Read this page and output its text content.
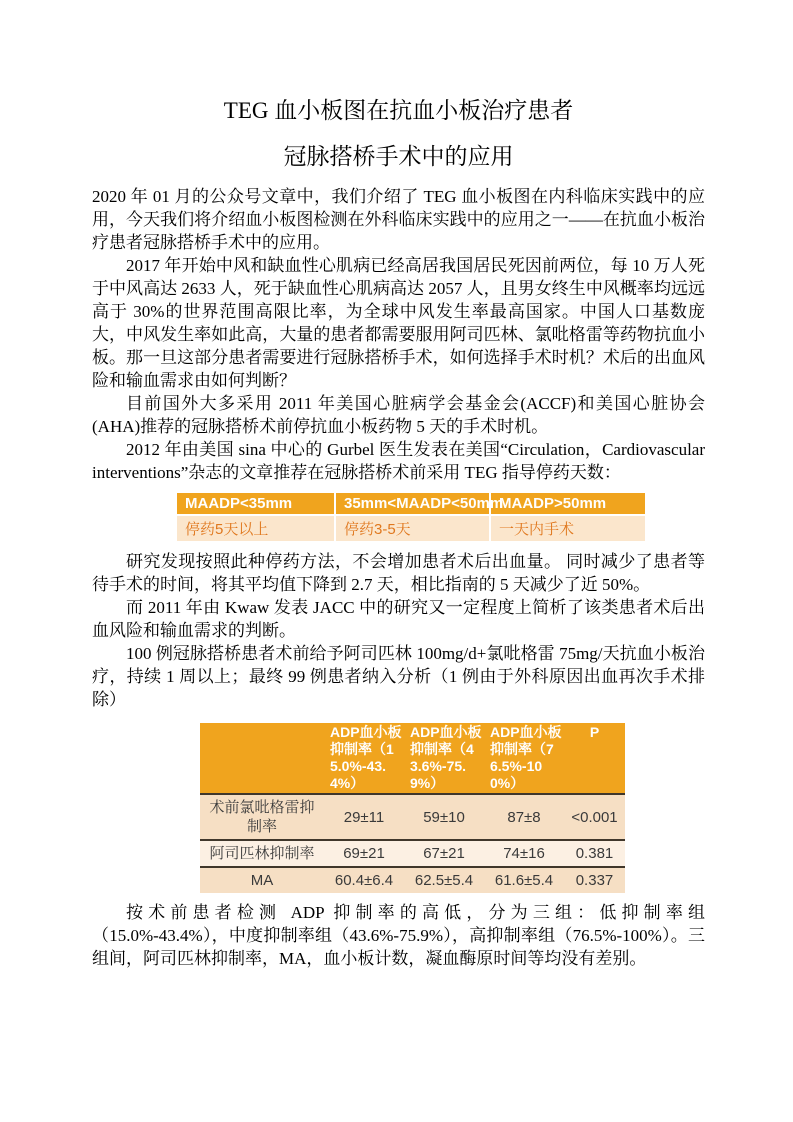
TEG 血小板图在抗血小板治疗患者
冠脉搭桥手术中的应用

2020 年 01 月的公众号文章中，我们介绍了 TEG 血小板图在内科临床实践中的应用，今天我们将介绍血小板图检测在外科临床实践中的应用之一——在抗血小板治疗患者冠脉搭桥手术中的应用。

2017 年开始中风和缺血性心肌病已经高居我国居民死因前两位，每 10 万人死于中风高达 2633 人，死于缺血性心肌病高达 2057 人，且男女终生中风概率均远远高于 30%的世界范围高限比率，为全球中风发生率最高国家。中国人口基数庞大，中风发生率如此高，大量的患者都需要服用阿司匹林、氯吡格雷等药物抗血小板。那一旦这部分患者需要进行冠脉搭桥手术，如何选择手术时机？术后的出血风险和输血需求由如何判断？

目前国外大多采用 2011 年美国心脏病学会基金会(ACCF)和美国心脏协会(AHA)推荐的冠脉搭桥术前停抗血小板药物 5 天的手术时机。

2012 年由美国 sina 中心的 Gurbel 医生发表在美国“Circulation，Cardiovascular interventions”杂志的文章推荐在冠脉搭桥术前采用 TEG 指导停药天数：

MAADP<35mm	35mm<MAADP<50mm	MAADP>50mm
停药5天以上	停药3-5天	一天内手术

研究发现按照此种停药方法，不会增加患者术后出血量。 同时减少了患者等待手术的时间，将其平均值下降到 2.7 天，相比指南的 5 天减少了近 50%。

而 2011 年由 Kwaw 发表 JACC 中的研究又一定程度上简析了该类患者术后出血风险和输血需求的判断。

100 例冠脉搭桥患者术前给予阿司匹林 100mg/d+氯吡格雷 75mg/天抗血小板治疗，持续 1 周以上；最终 99 例患者纳入分析（1 例由于外科原因出血再次手术排除）

	ADP血小板抑制率（15.0%-43.4%）	ADP血小板抑制率（43.6%-75.9%）	ADP血小板抑制率（76.5%-100%）	P
术前氯吡格雷抑制率	29±11	59±10	87±8	<0.001
阿司匹林抑制率	69±21	67±21	74±16	0.381
MA	60.4±6.4	62.5±5.4	61.6±5.4	0.337

按术前患者检测 ADP 抑制率的高低，分为三组：低抑制率组（15.0%-43.4%），中度抑制率组（43.6%-75.9%），高抑制率组（76.5%-100%）。三组间，阿司匹林抑制率，MA，血小板计数，凝血酶原时间等均没有差别。
